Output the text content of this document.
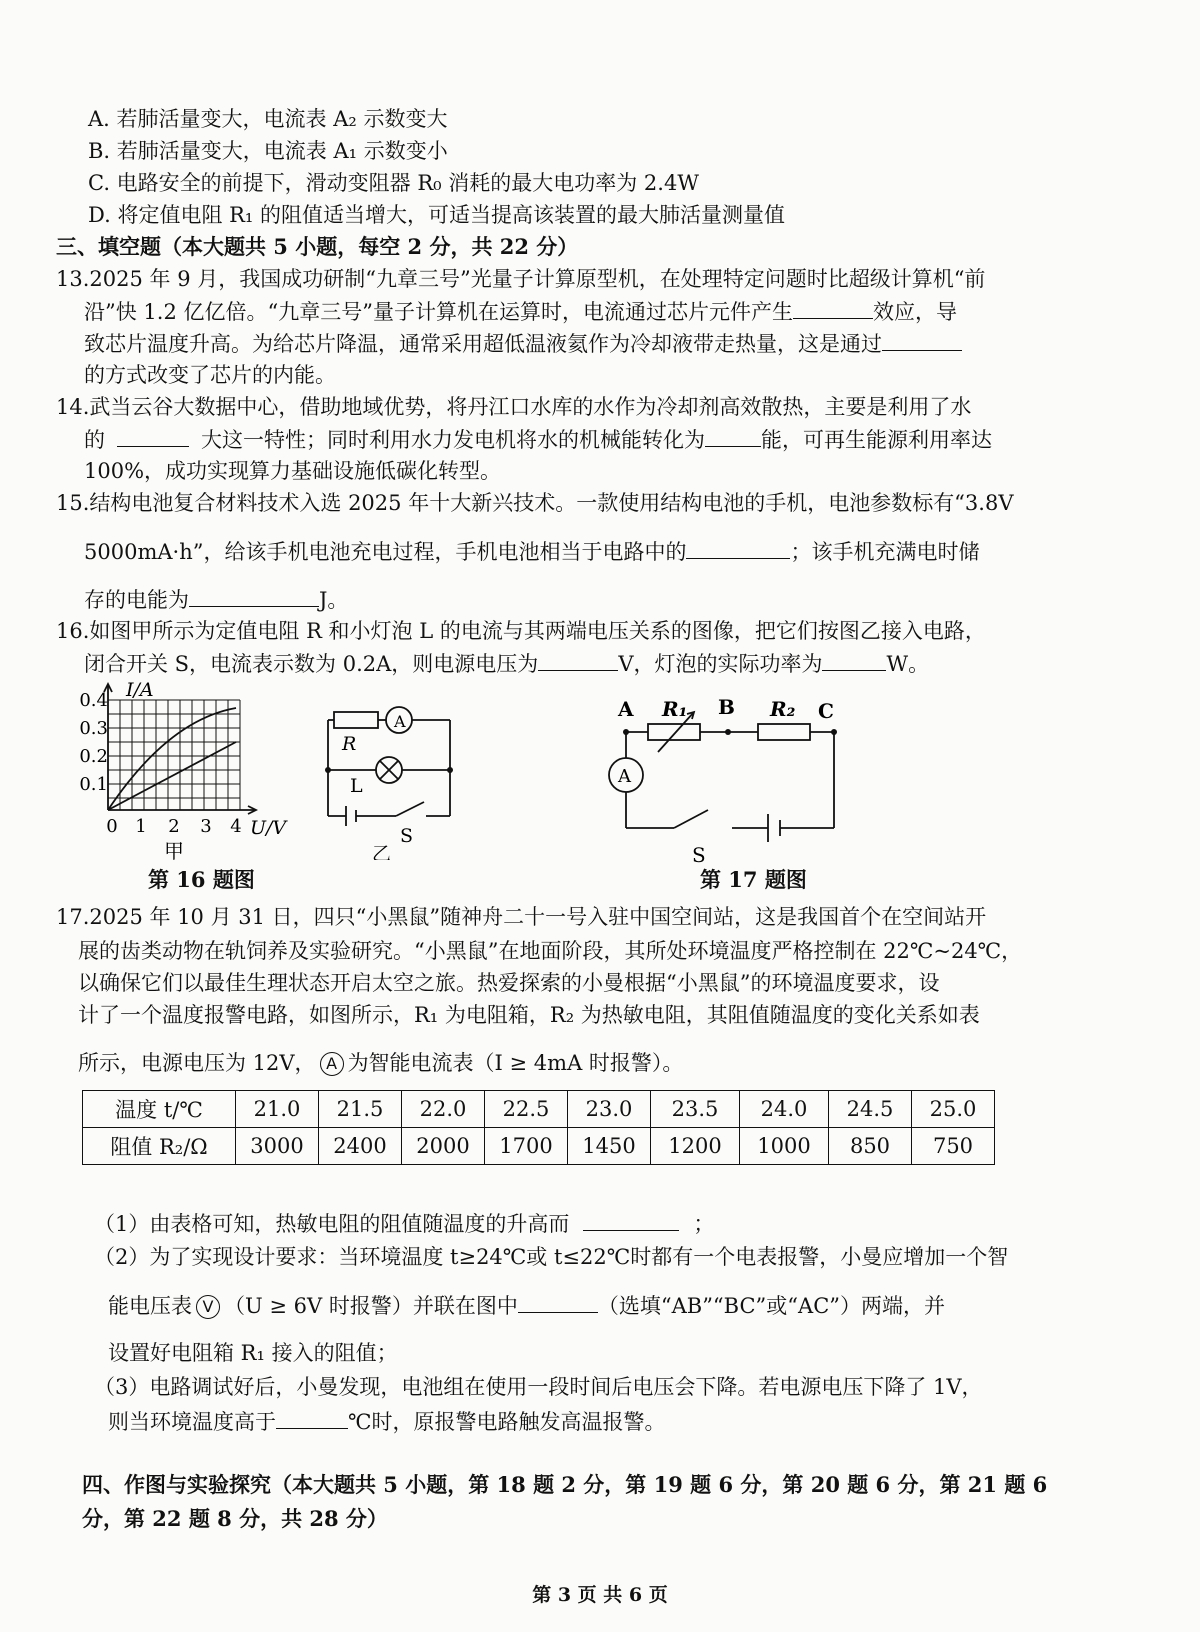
A. 若肺活量变大，电流表 A₂ 示数变大
B. 若肺活量变大，电流表 A₁ 示数变小
C. 电路安全的前提下，滑动变阻器 R₀ 消耗的最大电功率为 2.4W
D. 将定值电阻 R₁ 的阻值适当增大，可适当提高该装置的最大肺活量测量值
三、填空题（本大题共 5 小题，每空 2 分，共 22 分）
13.2025 年 9 月，我国成功研制“九章三号”光量子计算原型机，在处理特定问题时比超级计算机“前
沿”快 1.2 亿亿倍。“九章三号”量子计算机在运算时，电流通过芯片元件产生	效应，导
致芯片温度升高。为给芯片降温，通常采用超低温液氦作为冷却液带走热量，这是通过
的方式改变了芯片的内能。
14.武当云谷大数据中心，借助地域优势，将丹江口水库的水作为冷却剂高效散热，主要是利用了水
的	大这一特性；同时利用水力发电机将水的机械能转化为	能，可再生能源利用率达
100%，成功实现算力基础设施低碳化转型。
15.结构电池复合材料技术入选 2025 年十大新兴技术。一款使用结构电池的手机，电池参数标有“3.8V
5000mA·h”，给该手机电池充电过程，手机电池相当于电路中的	；该手机充满电时储
存的电能为	J。
16.如图甲所示为定值电阻 R 和小灯泡 L 的电流与其两端电压关系的图像，把它们按图乙接入电路，
闭合开关 S，电流表示数为 0.2A，则电源电压为	V，灯泡的实际功率为	W。
I/A
0.4
0.3
0.2
0.1
0 1 2 3 4 U/V
甲
A
R
L
S
乙
第 16 题图
A	B	C
R₁	R₂
A
S
第 17 题图
17.2025 年 10 月 31 日，四只“小黑鼠”随神舟二十一号入驻中国空间站，这是我国首个在空间站开
展的齿类动物在轨饲养及实验研究。“小黑鼠”在地面阶段，其所处环境温度严格控制在 22℃~24℃，
以确保它们以最佳生理状态开启太空之旅。热爱探索的小曼根据“小黑鼠”的环境温度要求，设
计了一个温度报警电路，如图所示，R₁ 为电阻箱，R₂ 为热敏电阻，其阻值随温度的变化关系如表
所示，电源电压为 12V， A 为智能电流表（I ≥ 4mA 时报警）。
温度 t/℃	21.0	21.5	22.0	22.5	23.0	23.5	24.0	24.5	25.0
阻值 R₂/Ω	3000	2400	2000	1700	1450	1200	1000	850	750
（1）由表格可知，热敏电阻的阻值随温度的升高而	；
（2）为了实现设计要求：当环境温度 t≥24℃或 t≤22℃时都有一个电表报警，小曼应增加一个智
能电压表 V （U ≥ 6V 时报警）并联在图中	（选填“AB”“BC”或“AC”）两端，并
设置好电阻箱 R₁ 接入的阻值；
（3）电路调试好后，小曼发现，电池组在使用一段时间后电压会下降。若电源电压下降了 1V，
则当环境温度高于	℃时，原报警电路触发高温报警。
四、作图与实验探究（本大题共 5 小题，第 18 题 2 分，第 19 题 6 分，第 20 题 6 分，第 21 题 6
分，第 22 题 8 分，共 28 分）
第 3 页 共 6 页
